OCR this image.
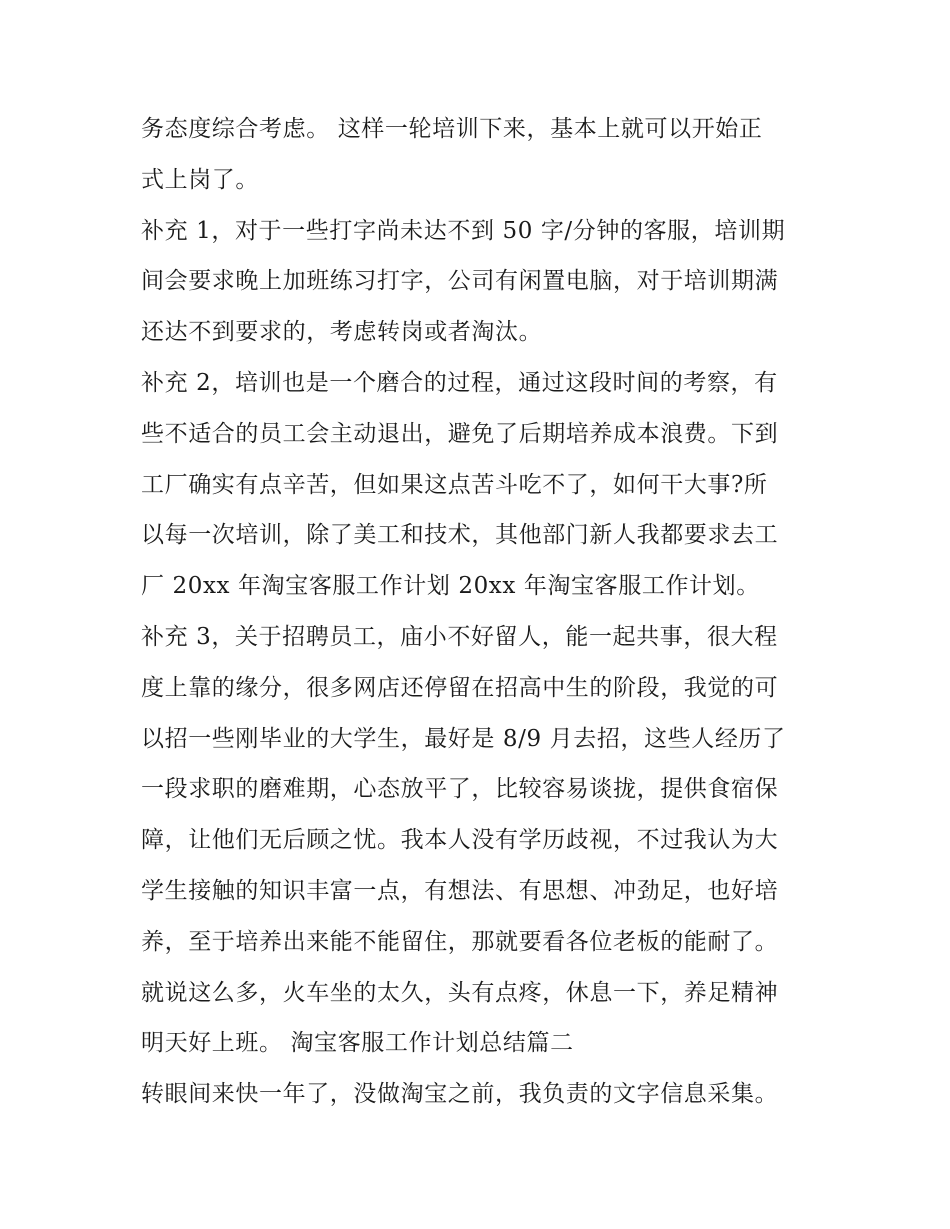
务态度综合考虑。 这样一轮培训下来，基本上就可以开始正
式上岗了。
补充 1，对于一些打字尚未达不到 50 字/分钟的客服，培训期
间会要求晚上加班练习打字，公司有闲置电脑，对于培训期满
还达不到要求的，考虑转岗或者淘汰。
补充 2，培训也是一个磨合的过程，通过这段时间的考察，有
些不适合的员工会主动退出，避免了后期培养成本浪费。下到
工厂确实有点辛苦，但如果这点苦斗吃不了，如何干大事?所
以每一次培训，除了美工和技术，其他部门新人我都要求去工
厂 20xx 年淘宝客服工作计划 20xx 年淘宝客服工作计划。
补充 3，关于招聘员工，庙小不好留人，能一起共事，很大程
度上靠的缘分，很多网店还停留在招高中生的阶段，我觉的可
以招一些刚毕业的大学生，最好是 8/9 月去招，这些人经历了
一段求职的磨难期，心态放平了，比较容易谈拢，提供食宿保
障，让他们无后顾之忧。我本人没有学历歧视，不过我认为大
学生接触的知识丰富一点，有想法、有思想、冲劲足，也好培
养，至于培养出来能不能留住，那就要看各位老板的能耐了。
就说这么多，火车坐的太久，头有点疼，休息一下，养足精神
明天好上班。 淘宝客服工作计划总结篇二
转眼间来快一年了，没做淘宝之前，我负责的文字信息采集。
